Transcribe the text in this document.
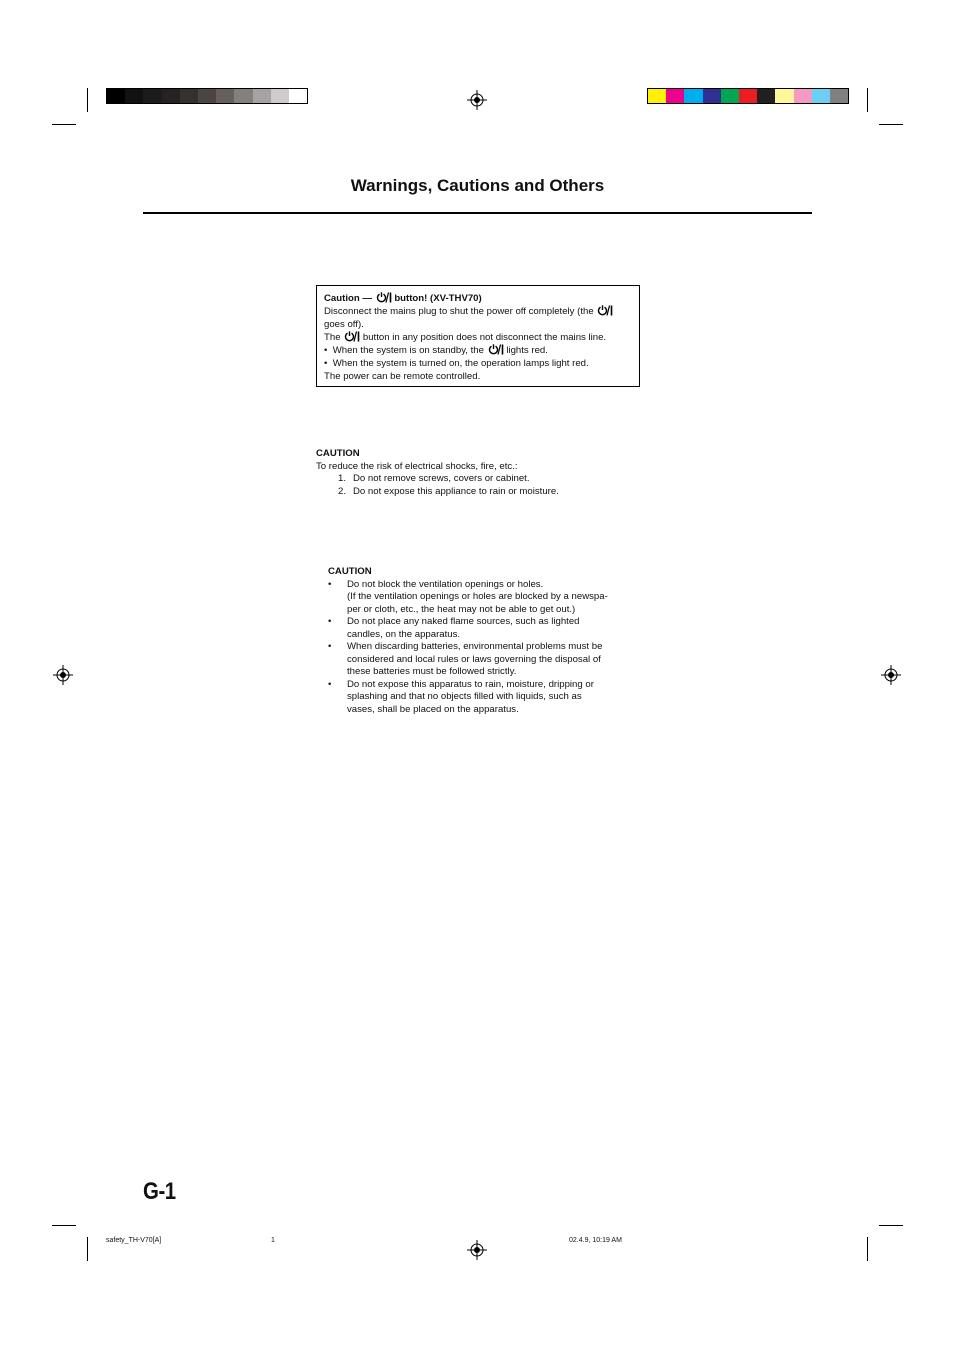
Warnings, Cautions and Others
Caution — button! (XV-THV70)
Disconnect the mains plug to shut the power off completely (the
goes off).
The button in any position does not disconnect the mains line.
• When the system is on standby, the lights red.
• When the system is turned on, the operation lamps light red.
The power can be remote controlled.
CAUTION
To reduce the risk of electrical shocks, fire, etc.:
1. Do not remove screws, covers or cabinet.
2. Do not expose this appliance to rain or moisture.
CAUTION
•	Do not block the ventilation openings or holes.
(If the ventilation openings or holes are blocked by a newspa-
per or cloth, etc., the heat may not be able to get out.)
•	Do not place any naked flame sources, such as lighted
candles, on the apparatus.
•	When discarding batteries, environmental problems must be
considered and local rules or laws governing the disposal of
these batteries must be followed strictly.
•	Do not expose this apparatus to rain, moisture, dripping or
splashing and that no objects filled with liquids, such as
vases, shall be placed on the apparatus.
G-1
safety_TH-V70[A]	1	02.4.9, 10:19 AM
